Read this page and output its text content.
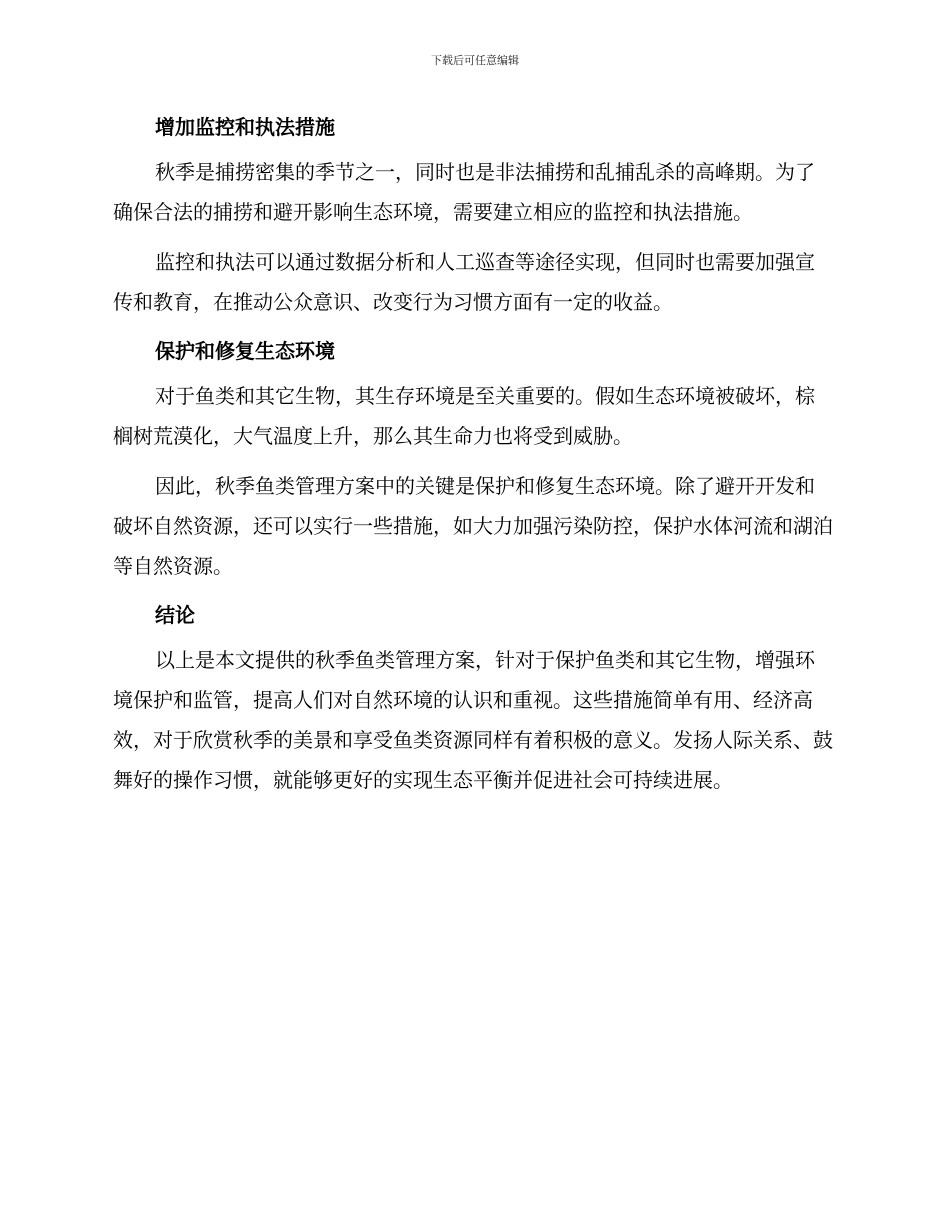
下载后可任意编辑
增加监控和执法措施

秋季是捕捞密集的季节之一，同时也是非法捕捞和乱捕乱杀的高峰期。为了确保合法的捕捞和避开影响生态环境，需要建立相应的监控和执法措施。

监控和执法可以通过数据分析和人工巡查等途径实现，但同时也需要加强宣传和教育，在推动公众意识、改变行为习惯方面有一定的收益。

保护和修复生态环境

对于鱼类和其它生物，其生存环境是至关重要的。假如生态环境被破坏，棕榈树荒漠化，大气温度上升，那么其生命力也将受到威胁。

因此，秋季鱼类管理方案中的关键是保护和修复生态环境。除了避开开发和破坏自然资源，还可以实行一些措施，如大力加强污染防控，保护水体河流和湖泊等自然资源。

结论

以上是本文提供的秋季鱼类管理方案，针对于保护鱼类和其它生物，增强环境保护和监管，提高人们对自然环境的认识和重视。这些措施简单有用、经济高效，对于欣赏秋季的美景和享受鱼类资源同样有着积极的意义。发扬人际关系、鼓舞好的操作习惯，就能够更好的实现生态平衡并促进社会可持续进展。
